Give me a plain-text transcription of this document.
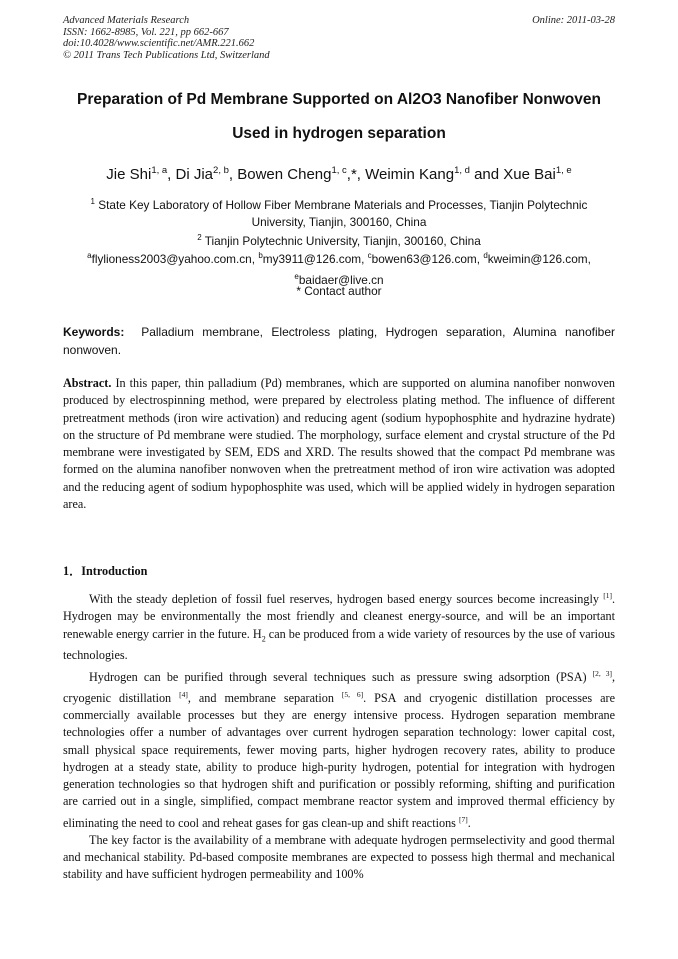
Advanced Materials Research
ISSN: 1662-8985, Vol. 221, pp 662-667
doi:10.4028/www.scientific.net/AMR.221.662
© 2011 Trans Tech Publications Ltd, Switzerland
Online: 2011-03-28
Preparation of Pd Membrane Supported on Al2O3 Nanofiber Nonwoven
Used in hydrogen separation
Jie Shi$^{1, a}$, Di Jia$^{2, b}$, Bowen Cheng$^{1, c}$,*, Weimin Kang$^{1, d}$ and Xue Bai$^{1, e}$
$^1$ State Key Laboratory of Hollow Fiber Membrane Materials and Processes, Tianjin Polytechnic
University, Tianjin, 300160, China
$^2$ Tianjin Polytechnic University, Tianjin, 300160, China
$^a$flylioness2003@yahoo.com.cn, $^b$my3911@126.com, $^c$bowen63@126.com, $^d$kweimin@126.com,
$^e$baidaer@live.cn
* Contact author
Keywords: Palladium membrane, Electroless plating, Hydrogen separation, Alumina nanofiber nonwoven.

Abstract. In this paper, thin palladium (Pd) membranes, which are supported on alumina nanofiber nonwoven produced by electrospinning method, were prepared by electroless plating method. The influence of different pretreatment methods (iron wire activation) and reducing agent (sodium hypophosphite and hydrazine hydrate) on the structure of Pd membrane were studied. The morphology, surface element and crystal structure of the Pd membrane were investigated by SEM, EDS and XRD. The results showed that the compact Pd membrane was formed on the alumina nanofiber nonwoven when the pretreatment method of iron wire activation was adopted and the reducing agent of sodium hypophosphite was used, which will be applied widely in hydrogen separation area.

1．Introduction

With the steady depletion of fossil fuel reserves, hydrogen based energy sources become increasingly [1]. Hydrogen may be environmentally the most friendly and cleanest energy-source, and will be an important renewable energy carrier in the future. $H_2$ can be produced from a wide variety of resources by the use of various technologies.

Hydrogen can be purified through several techniques such as pressure swing adsorption (PSA) [2, 3], cryogenic distillation [4], and membrane separation [5, 6]. PSA and cryogenic distillation processes are commercially available processes but they are energy intensive process. Hydrogen separation membrane technologies offer a number of advantages over current hydrogen separation technology: lower capital cost, small physical space requirements, fewer moving parts, higher hydrogen recovery rates, ability to produce hydrogen at a steady state, ability to produce high-purity hydrogen, potential for integration with hydrogen generation technologies so that hydrogen shift and purification or possibly reforming, shifting and purification are carried out in a single, simplified, compact membrane reactor system and improved thermal efficiency by eliminating the need to cool and reheat gases for gas clean-up and shift reactions [7].

The key factor is the availability of a membrane with adequate hydrogen permselectivity and good thermal and mechanical stability. Pd-based composite membranes are expected to possess high thermal and mechanical stability and have sufficient hydrogen permeability and 100%
